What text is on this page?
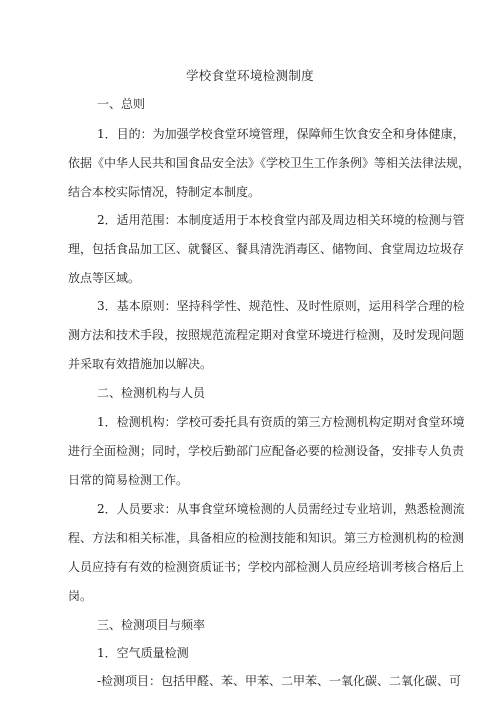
学校食堂环境检测制度
一、总则
1．目的：为加强学校食堂环境管理，保障师生饮食安全和身体健康，
依据《中华人民共和国食品安全法》《学校卫生工作条例》等相关法律法规，
结合本校实际情况，特制定本制度。
2．适用范围：本制度适用于本校食堂内部及周边相关环境的检测与管
理，包括食品加工区、就餐区、餐具清洗消毒区、储物间、食堂周边垃圾存
放点等区域。
3．基本原则：坚持科学性、规范性、及时性原则，运用科学合理的检
测方法和技术手段，按照规范流程定期对食堂环境进行检测，及时发现问题
并采取有效措施加以解决。
二、检测机构与人员
1．检测机构：学校可委托具有资质的第三方检测机构定期对食堂环境
进行全面检测；同时，学校后勤部门应配备必要的检测设备，安排专人负责
日常的简易检测工作。
2．人员要求：从事食堂环境检测的人员需经过专业培训，熟悉检测流
程、方法和相关标准，具备相应的检测技能和知识。第三方检测机构的检测
人员应持有有效的检测资质证书；学校内部检测人员应经培训考核合格后上
岗。
三、检测项目与频率
1．空气质量检测
-检测项目：包括甲醛、苯、甲苯、二甲苯、一氧化碳、二氧化碳、可
